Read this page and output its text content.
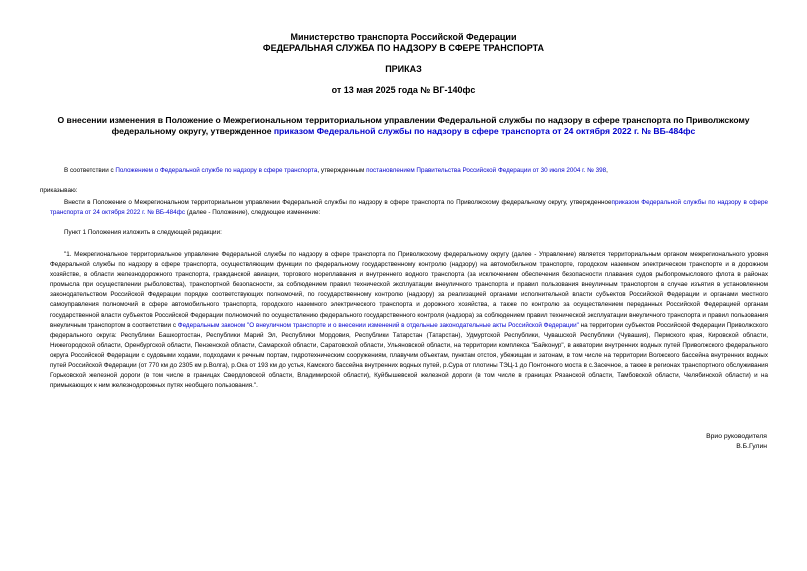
Министерство транспорта Российской Федерации
ФЕДЕРАЛЬНАЯ СЛУЖБА ПО НАДЗОРУ В СФЕРЕ ТРАНСПОРТА
ПРИКАЗ
от 13 мая 2025 года № ВГ-140фс
О внесении изменения в Положение о Межрегиональном территориальном управлении Федеральной службы по надзору в сфере транспорта по Приволжскому федеральному округу, утвержденное приказом Федеральной службы по надзору в сфере транспорта от 24 октября 2022 г. № ВБ-484фс
В соответствии с Положением о Федеральной службе по надзору в сфере транспорта, утвержденным постановлением Правительства Российской Федерации от 30 июля 2004 г. № 398,
приказываю:
Внести в Положение о Межрегиональном территориальном управлении Федеральной службы по надзору в сфере транспорта по Приволжскому федеральному округу, утвержденноеприказом Федеральной службы по надзору в сфере транспорта от 24 октября 2022 г. № ВБ-484фс (далее - Положение), следующее изменение:
Пункт 1 Положения изложить в следующей редакции:
"1. Межрегиональное территориальное управление Федеральной службы по надзору в сфере транспорта по Приволжскому федеральному округу (далее - Управление) является территориальным органом межрегионального уровня Федеральной службы по надзору в сфере транспорта, осуществляющим функции по федеральному государственному контролю (надзору) на автомобильном транспорте, городском наземном электрическом транспорте и в дорожном хозяйстве, в области железнодорожного транспорта, гражданской авиации, торгового мореплавания и внутреннего водного транспорта (за исключением обеспечения безопасности плавания судов рыбопромыслового флота в районах промысла при осуществлении рыболовства), транспортной безопасности, за соблюдением правил технической эксплуатации внеуличного транспорта и правил пользования внеуличным транспортом в случае изъятия в установленном законодательством Российской Федерации порядке соответствующих полномочий, по государственному контролю (надзору) за реализацией органами исполнительной власти субъектов Российской Федерации и органами местного самоуправления полномочий в сфере автомобильного транспорта, городского наземного электрического транспорта и дорожного хозяйства, а также по контролю за осуществлением переданных Российской Федерацией органам государственной власти субъектов Российской Федерации полномочий по осуществлению федерального государственного контроля (надзора) за соблюдением правил технической эксплуатации внеуличного транспорта и правил пользования внеуличным транспортом в соответствии с Федеральным законом "О внеуличном транспорте и о внесении изменений в отдельные законодательные акты Российской Федерации" на территории субъектов Российской Федерации Приволжского федерального округа: Республики Башкортостан, Республики Марий Эл, Республики Мордовия, Республики Татарстан (Татарстан), Удмуртской Республики, Чувашской Республики (Чувашия), Пермского края, Кировской области, Нижегородской области, Оренбургской области, Пензенской области, Самарской области, Саратовской области, Ульяновской области, на территории комплекса "Байконур", в акватории внутренних водных путей Приволжского федерального округа Российской Федерации с судовыми ходами, подходами к речным портам, гидротехническим сооружениям, плавучим объектам, пунктам отстоя, убежищам и затонам, в том числе на территории Волжского бассейна внутренних водных путей Российской Федерации (от 770 км до 2305 км р.Волга), р.Ока от 193 км до устья, Камского бассейна внутренних водных путей, р.Сура от плотины ТЭЦ-1 до Понтонного моста в с.Засечное, а также в регионах транспортного обслуживания Горьковской железной дороги (в том числе в границах Свердловской области, Владимирской области), Куйбышевской железной дороги (в том числе в границах Рязанской области, Тамбовской области, Челябинской области) и на примыкающих к ним железнодорожных путях необщего пользования.".
Врио руководителя
В.Б.Гулин
